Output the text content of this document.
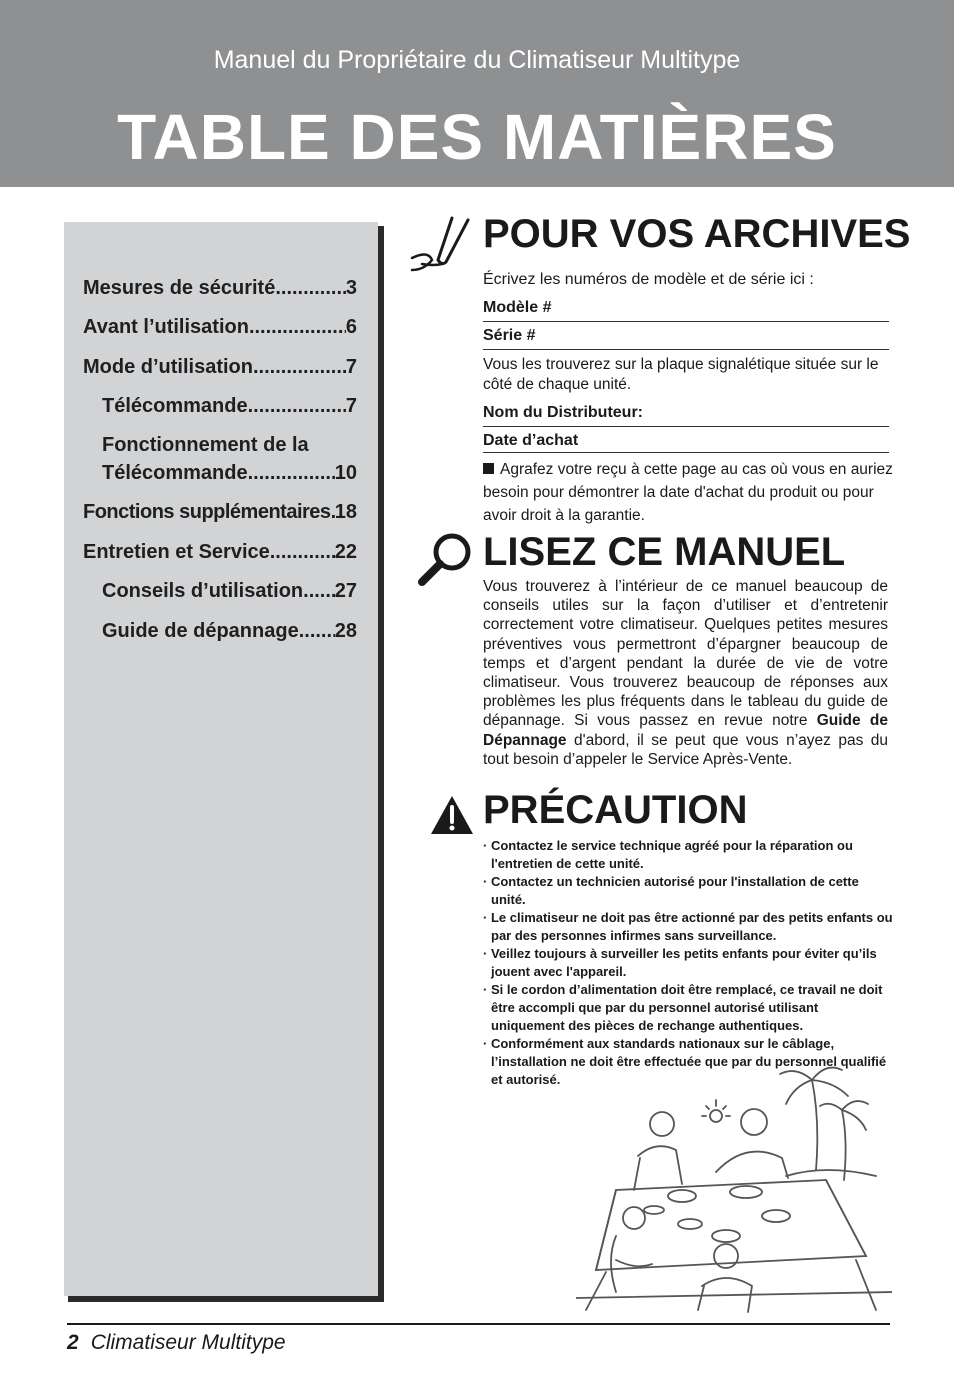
Manuel du Propriétaire du Climatiseur Multitype
TABLE DES MATIÈRES
Mesures de sécurité .....	3
Avant l’utilisation .....	6
Mode d’utilisation .....	7
Télécommande .....	7
Fonctionnement de la
Télécommande .....	10
Fonctions supplémentaires ..... 18
Entretien et Service .....	22
Conseils d’utilisation ..... 27
Guide de dépannage ..... 28
POUR VOS ARCHIVES
Écrivez les numéros de modèle et de série ici :
Modèle #
Série #
Vous les trouverez sur la plaque signalétique située sur le côté de chaque unité.
Nom du Distributeur:
Date d’achat
Agrafez votre reçu à cette page au cas où vous en auriez besoin pour démontrer la date d'achat du produit ou pour avoir droit à la garantie.
LISEZ CE MANUEL
Vous trouverez à l’intérieur de ce manuel beaucoup de conseils utiles sur la façon d’utiliser et d’entretenir correctement votre climatiseur. Quelques petites mesures préventives vous permettront d’épargner beaucoup de temps et d’argent pendant la durée de vie de votre climatiseur. Vous trouverez beaucoup de réponses aux problèmes les plus fréquents dans le tableau du guide de dépannage. Si vous passez en revue notre Guide de Dépannage d'abord, il se peut que vous n’ayez pas du tout besoin d’appeler le Service Après-Vente.
PRÉCAUTION
· Contactez le service technique agréé pour la réparation ou l'entretien de cette unité.
· Contactez un technicien autorisé pour l'installation de cette unité.
· Le climatiseur ne doit pas être actionné par des petits enfants ou par des personnes infirmes sans surveillance.
· Veillez toujours à surveiller les petits enfants pour éviter qu’ils jouent avec l'appareil.
· Si le cordon d’alimentation doit être remplacé, ce travail ne doit être accompli que par du personnel autorisé utilisant uniquement des pièces de rechange authentiques.
· Conformément aux standards nationaux sur le câblage, l’installation ne doit être effectuée que par du personnel qualifié et autorisé.
2 Climatiseur Multitype
